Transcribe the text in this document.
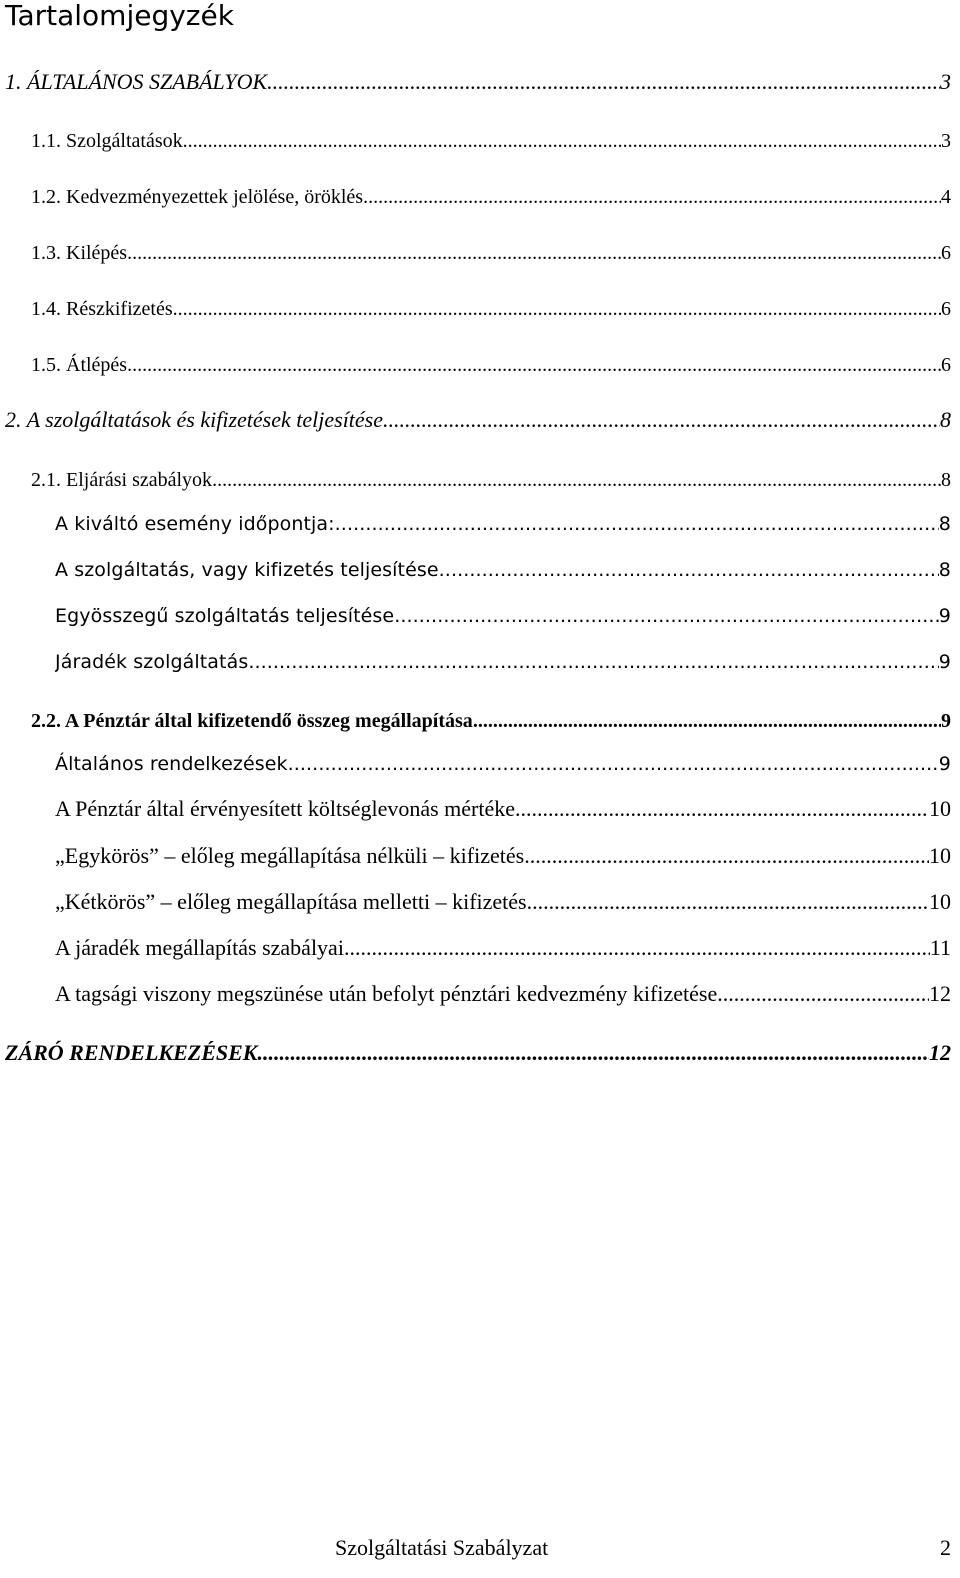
Tartalomjegyzék
1. ÁLTALÁNOS SZABÁLYOK .....	3
1.1. Szolgáltatások .....	3
1.2. Kedvezményezettek jelölése, öröklés .....	4
1.3. Kilépés .....	6
1.4. Részkifizetés .....	6
1.5. Átlépés .....	6
2. A szolgáltatások és kifizetések teljesítése .....	8
2.1. Eljárási szabályok .....	8
A kiváltó esemény időpontja: .....	8
A szolgáltatás, vagy kifizetés teljesítése .....	8
Egyösszegű szolgáltatás teljesítése .....	9
Járadék szolgáltatás .....	9
2.2. A Pénztár által kifizetendő összeg megállapítása .....	9
Általános rendelkezések .....	9
A Pénztár által érvényesített költséglevonás mértéke .....	10
„Egykörös” – előleg megállapítása nélküli – kifizetés .....	10
„Kétkörös” – előleg megállapítása melletti – kifizetés .....	10
A járadék megállapítás szabályai .....	11
A tagsági viszony megszünése után befolyt pénztári kedvezmény kifizetése .....	12
ZÁRÓ RENDELKEZÉSEK .....	12
Szolgáltatási Szabályzat	2
